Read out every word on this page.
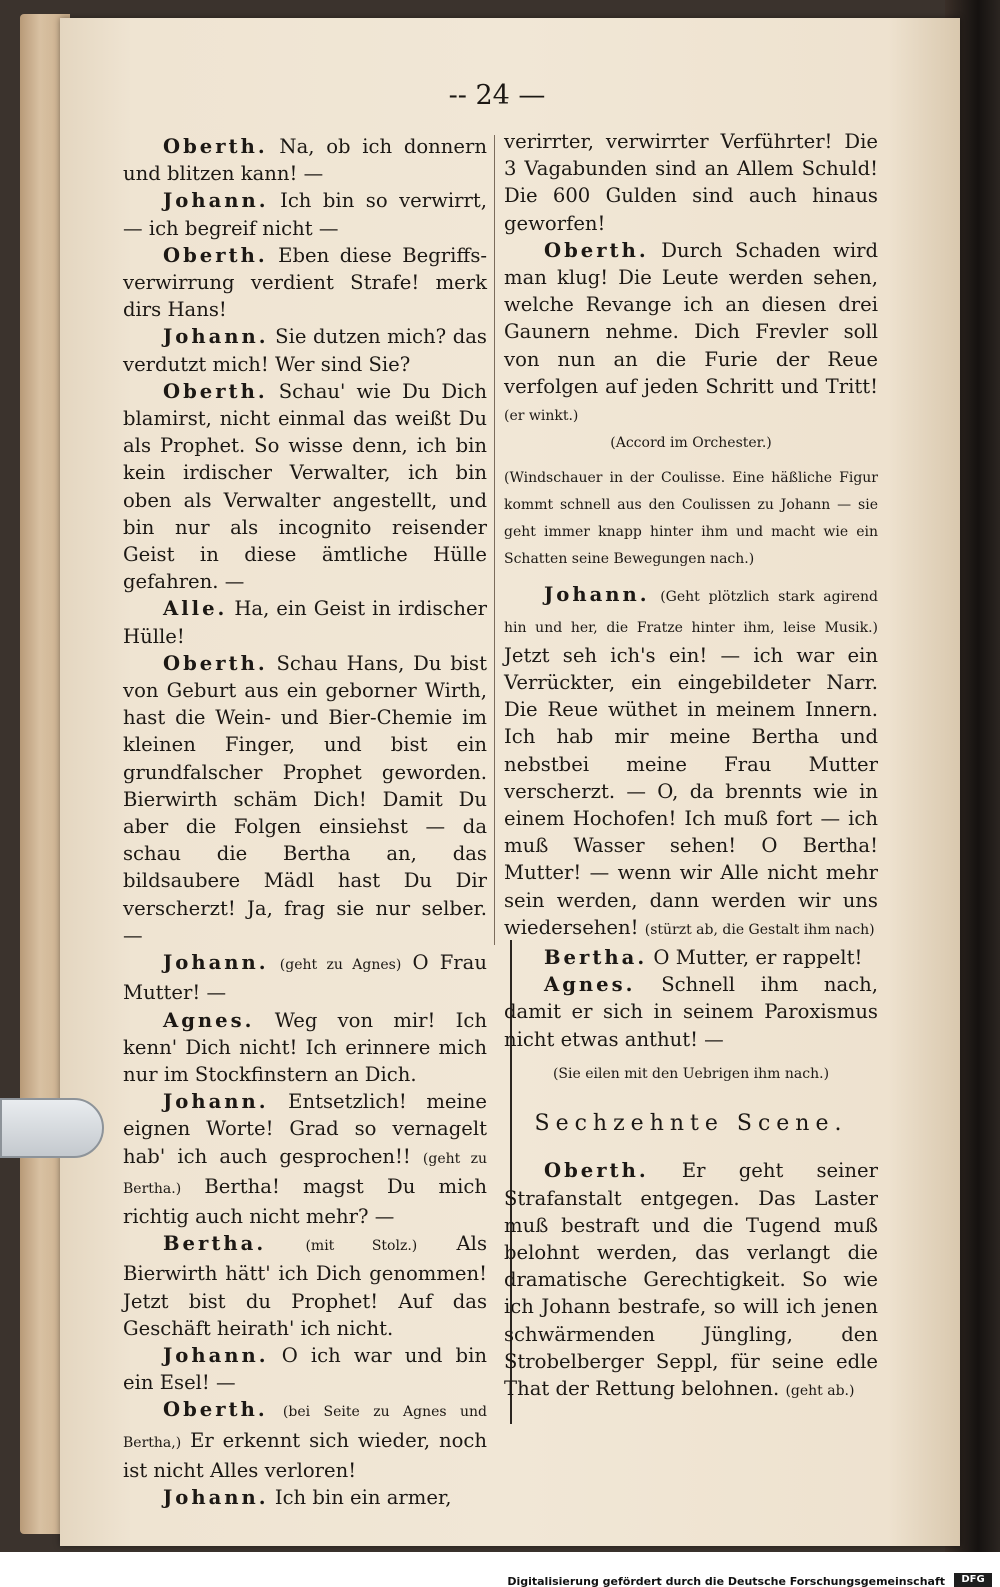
-- 24 —

Oberth. Na, ob ich donnern und blitzen kann! —

Johann. Ich bin so verwirrt, — ich begreif nicht —

Oberth. Eben diese Begriffs-verwirrung verdient Strafe! merk dirs Hans!

Johann. Sie dutzen mich? das verdutzt mich! Wer sind Sie?

Oberth. Schau' wie Du Dich blamirst, nicht einmal das weißt Du als Prophet. So wisse denn, ich bin kein irdischer Verwalter, ich bin oben als Verwalter angestellt, und bin nur als incognito reisender Geist in diese ämtliche Hülle gefahren. —

Alle. Ha, ein Geist in irdischer Hülle!

Oberth. Schau Hans, Du bist von Geburt aus ein geborner Wirth, hast die Wein- und Bier-Chemie im kleinen Finger, und bist ein grundfalscher Prophet geworden. Bierwirth schäm Dich! Damit Du aber die Folgen einsiehst — da schau die Bertha an, das bildsaubere Mädl hast Du Dir verscherzt! Ja, frag sie nur selber. —

Johann. (geht zu Agnes) O Frau Mutter! —

Agnes. Weg von mir! Ich kenn' Dich nicht! Ich erinnere mich nur im Stockfinstern an Dich.

Johann. Entsetzlich! meine eignen Worte! Grad so vernagelt hab' ich auch gesprochen!! (geht zu Bertha.) Bertha! magst Du mich richtig auch nicht mehr? —

Bertha.	(mit Stolz.) Als Bierwirth hätt' ich Dich genommen! Jetzt bist du Prophet! Auf das Geschäft heirath' ich nicht.

Johann. O ich war und bin ein Esel! —

Oberth. (bei Seite zu Agnes und Bertha,) Er erkennt sich wieder, noch ist nicht Alles verloren!

Johann. Ich bin ein armer,

verirrter, verwirrter Verführter! Die 3 Vagabunden sind an Allem Schuld! Die 600 Gulden sind auch hinaus geworfen!

Oberth. Durch Schaden wird man klug! Die Leute werden sehen, welche Revange ich an diesen drei Gaunern nehme. Dich Frevler soll von nun an die Furie der Reue verfolgen auf jeden Schritt und Tritt! (er winkt.)

(Accord im Orchester.)

(Windschauer in der Coulisse. Eine häßliche Figur kommt schnell aus den Coulissen zu Johann — sie geht immer knapp hinter ihm und macht wie ein Schatten seine Bewegungen nach.)

Johann. (Geht plötzlich stark agirend hin und her, die Fratze hinter ihm, leise Musik.) Jetzt seh ich's ein! — ich war ein Verrückter, ein eingebildeter Narr. Die Reue wüthet in meinem Innern. Ich hab mir meine Bertha und nebstbei meine Frau Mutter verscherzt. — O, da brennts wie in einem Hochofen! Ich muß fort — ich muß Wasser sehen! O Bertha! Mutter! — wenn wir Alle nicht mehr sein werden, dann werden wir uns wiedersehen! (stürzt ab, die Gestalt ihm nach)

Bertha. O Mutter, er rappelt!

Agnes. Schnell ihm nach, damit er sich in seinem Paroxismus nicht etwas anthut! —

(Sie eilen mit den Uebrigen ihm nach.)

Sechzehnte Scene.

Oberth. Er geht seiner Strafanstalt entgegen. Das Laster muß bestraft und die Tugend muß belohnt werden, das verlangt die dramatische Gerechtigkeit. So wie ich Johann bestrafe, so will ich jenen schwärmenden Jüngling, den Strobelberger Seppl, für seine edle That der Rettung belohnen. (geht ab.)

Digitalisierung gefördert durch die Deutsche Forschungsgemeinschaft	DFG
